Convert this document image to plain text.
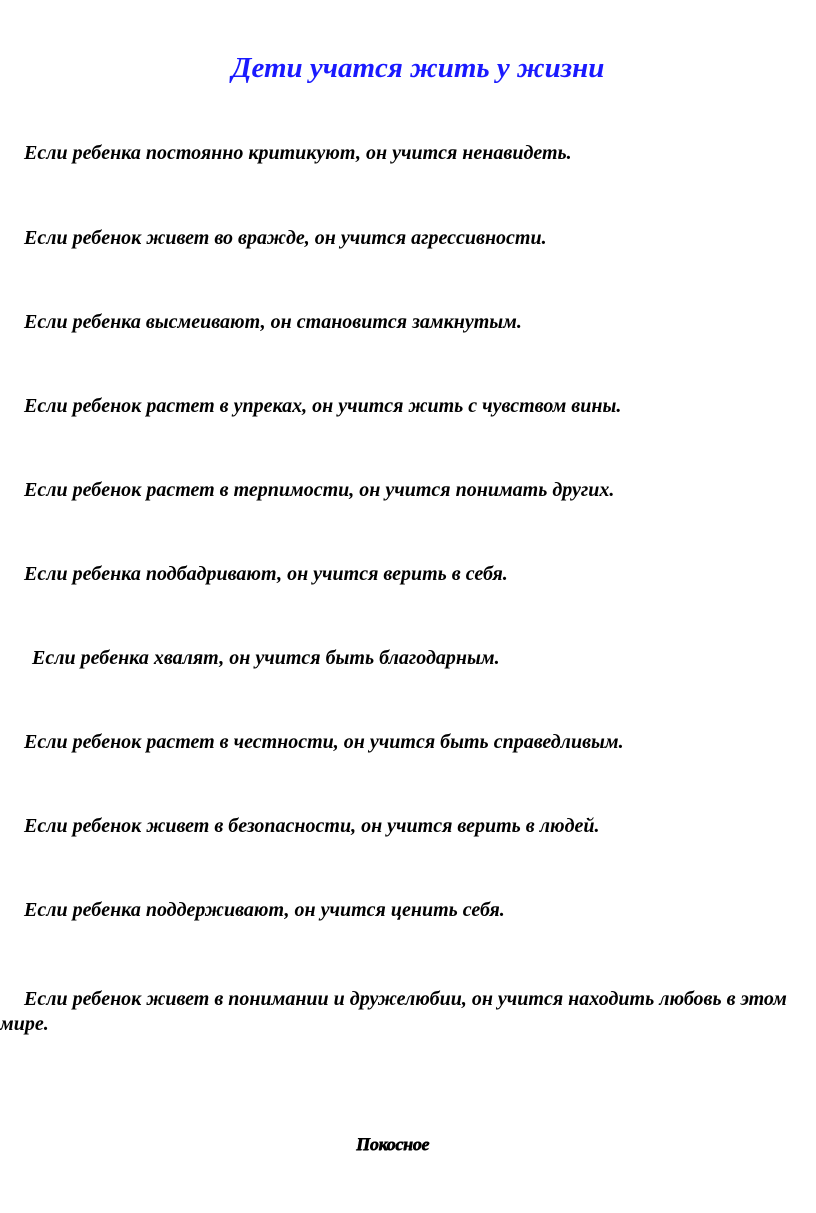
Дети учатся жить у жизни

Если ребенка постоянно критикуют, он учится ненавидеть.

Если ребенок живет во вражде, он учится агрессивности.

Если ребенка высмеивают, он становится замкнутым.

Если ребенок растет в упреках, он учится жить с чувством вины.

Если ребенок растет в терпимости, он учится понимать других.

Если ребенка подбадривают, он учится верить в себя.

Если ребенка хвалят, он учится быть благодарным.

Если ребенок растет в честности, он учится быть справедливым.

Если ребенок живет в безопасности, он учится верить в людей.

Если ребенка поддерживают, он учится ценить себя.

Если ребенок живет в понимании и дружелюбии, он учится находить любовь в этом мире.

Покосное
